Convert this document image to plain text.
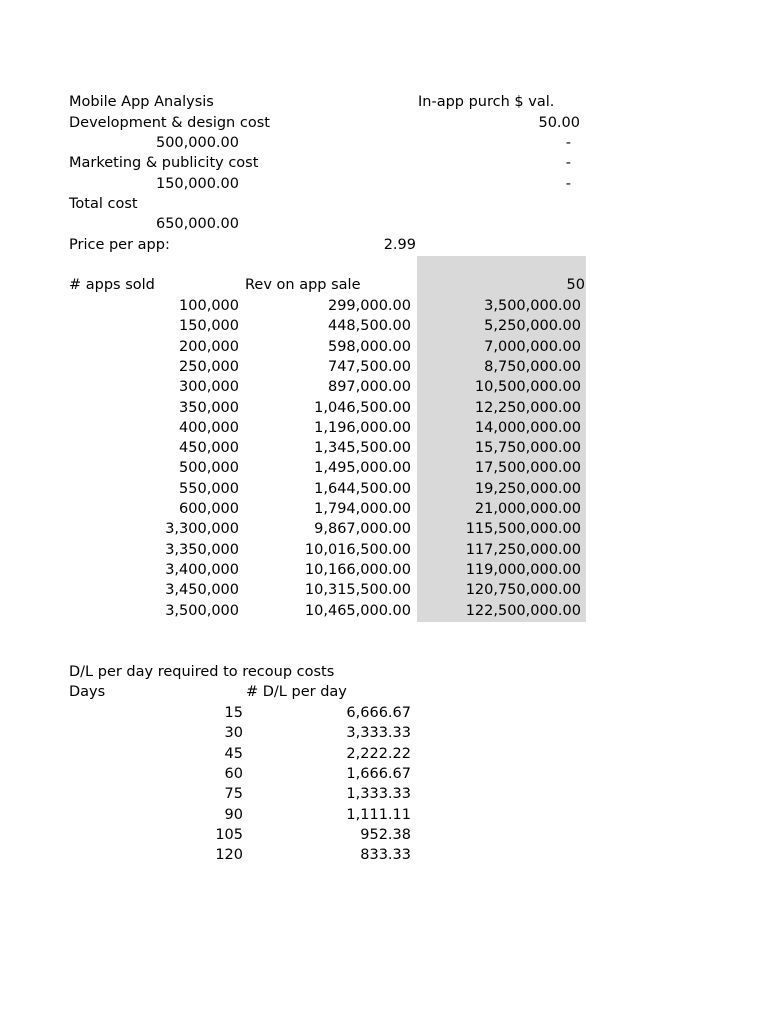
Mobile App Analysis	In-app purch $ val.
Development & design cost	50.00
500,000.00	-
Marketing & publicity cost	-
150,000.00	-
Total cost
650,000.00
Price per app:	2.99
# apps sold	Rev on app sale	50
100,000	299,000.00	3,500,000.00
150,000	448,500.00	5,250,000.00
200,000	598,000.00	7,000,000.00
250,000	747,500.00	8,750,000.00
300,000	897,000.00	10,500,000.00
350,000	1,046,500.00	12,250,000.00
400,000	1,196,000.00	14,000,000.00
450,000	1,345,500.00	15,750,000.00
500,000	1,495,000.00	17,500,000.00
550,000	1,644,500.00	19,250,000.00
600,000	1,794,000.00	21,000,000.00
3,300,000	9,867,000.00	115,500,000.00
3,350,000	10,016,500.00	117,250,000.00
3,400,000	10,166,000.00	119,000,000.00
3,450,000	10,315,500.00	120,750,000.00
3,500,000	10,465,000.00	122,500,000.00
D/L per day required to recoup costs
Days	# D/L per day
15	6,666.67
30	3,333.33
45	2,222.22
60	1,666.67
75	1,333.33
90	1,111.11
105	952.38
120	833.33
